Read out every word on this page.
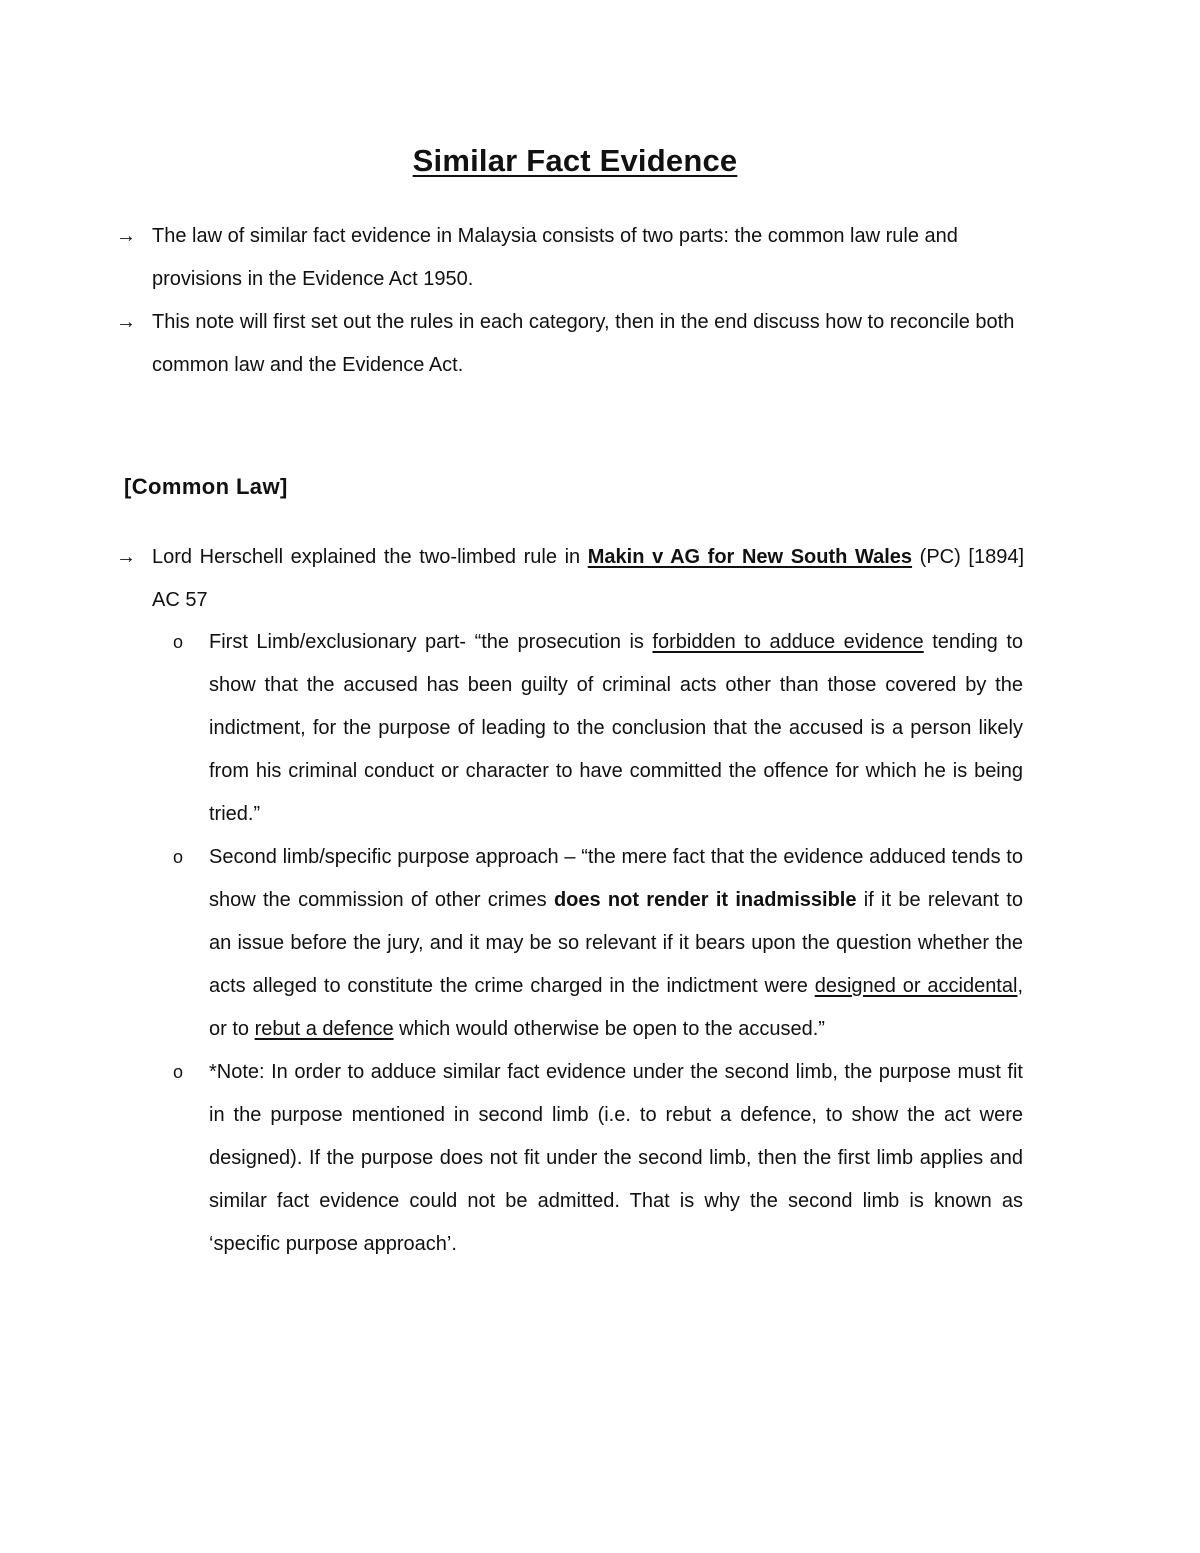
Similar Fact Evidence
→ The law of similar fact evidence in Malaysia consists of two parts: the common law rule and provisions in the Evidence Act 1950.
→ This note will first set out the rules in each category, then in the end discuss how to reconcile both common law and the Evidence Act.
[Common Law]
→ Lord Herschell explained the two-limbed rule in Makin v AG for New South Wales (PC) [1894] AC 57
o First Limb/exclusionary part- “the prosecution is forbidden to adduce evidence tending to show that the accused has been guilty of criminal acts other than those covered by the indictment, for the purpose of leading to the conclusion that the accused is a person likely from his criminal conduct or character to have committed the offence for which he is being tried.”
o Second limb/specific purpose approach – “the mere fact that the evidence adduced tends to show the commission of other crimes does not render it inadmissible if it be relevant to an issue before the jury, and it may be so relevant if it bears upon the question whether the acts alleged to constitute the crime charged in the indictment were designed or accidental, or to rebut a defence which would otherwise be open to the accused.”
o *Note: In order to adduce similar fact evidence under the second limb, the purpose must fit in the purpose mentioned in second limb (i.e. to rebut a defence, to show the act were designed). If the purpose does not fit under the second limb, then the first limb applies and similar fact evidence could not be admitted. That is why the second limb is known as ‘specific purpose approach’.
